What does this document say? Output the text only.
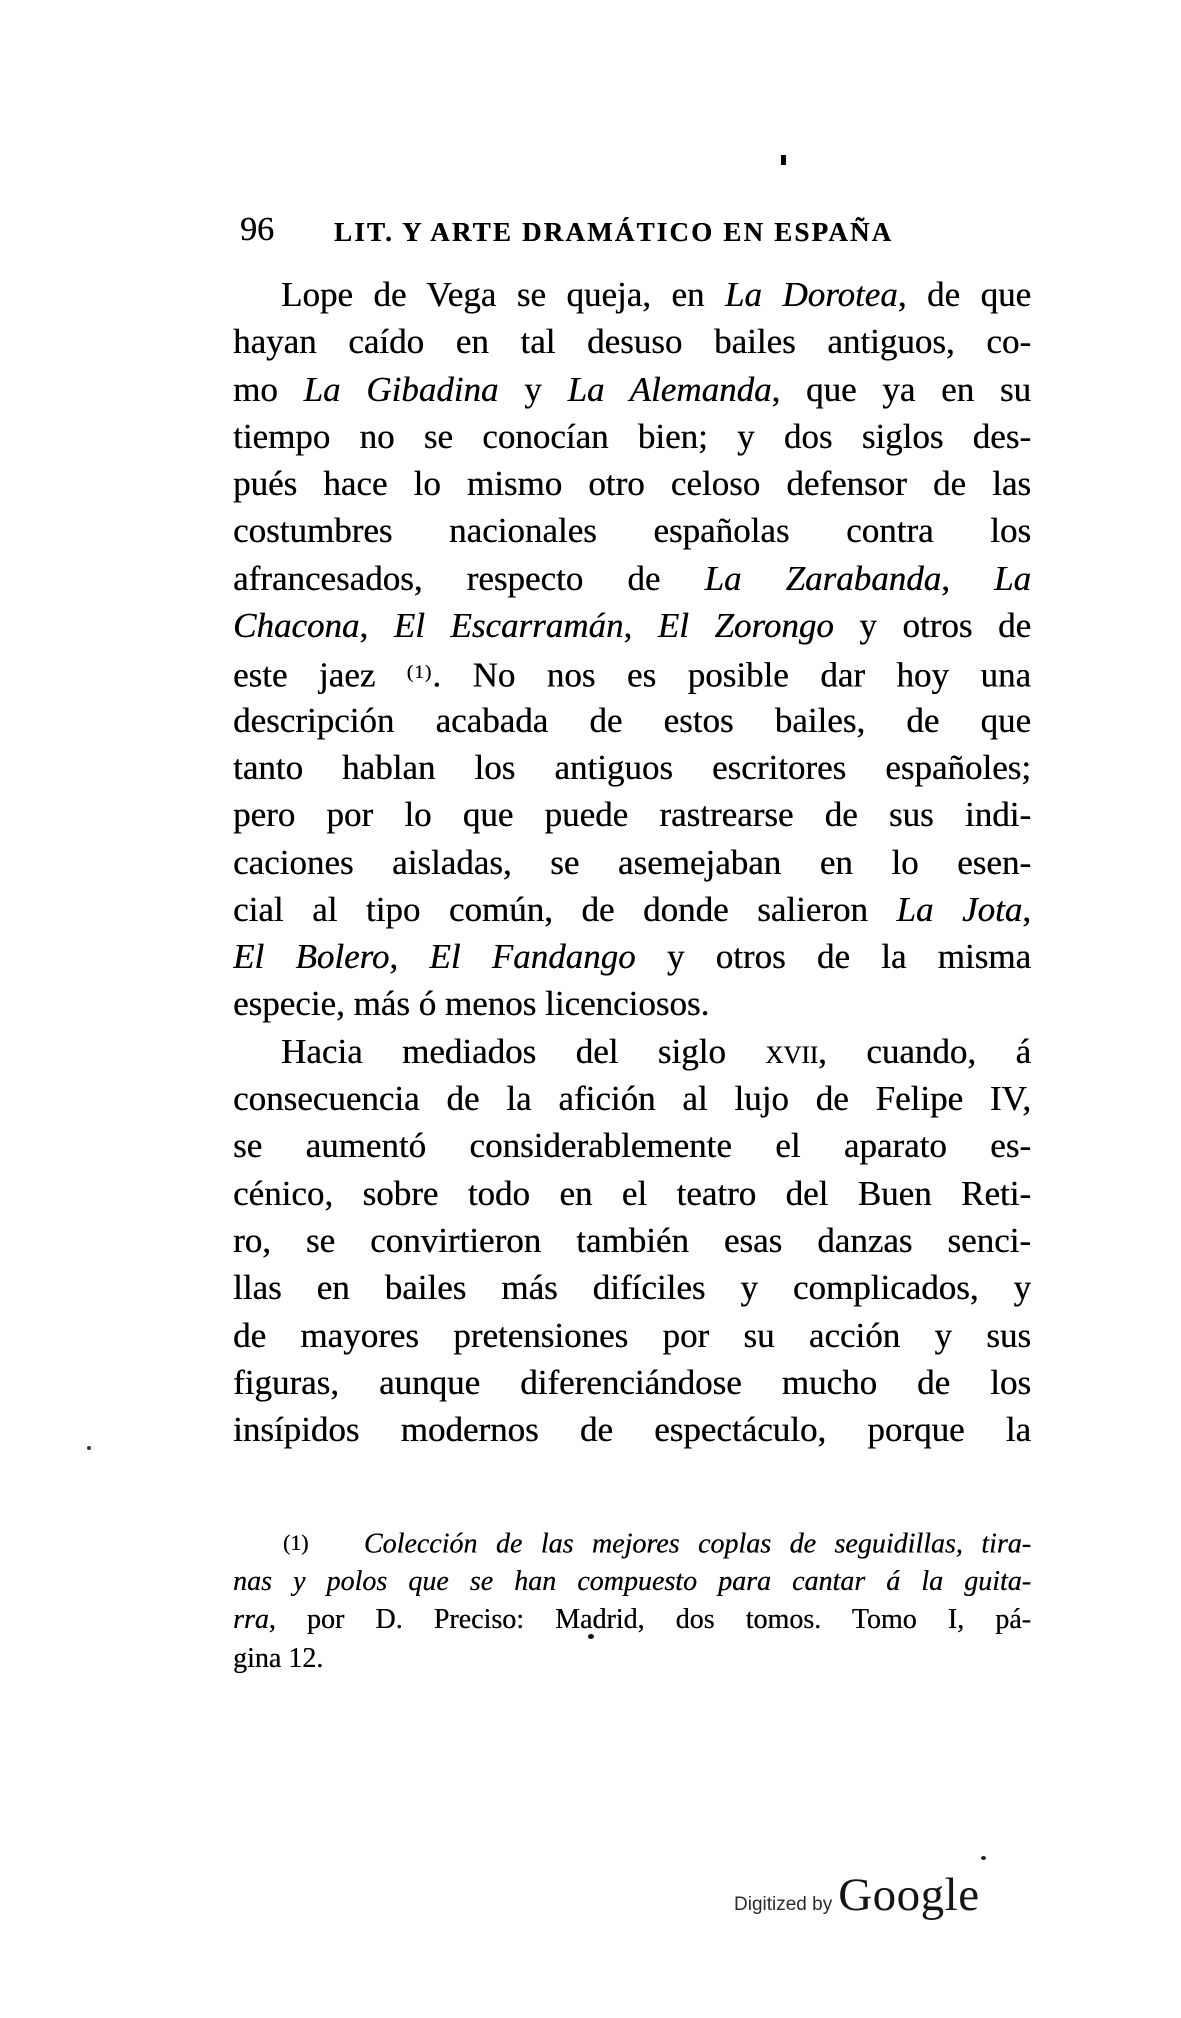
96 LIT. Y ARTE DRAMÁTICO EN ESPAÑA
Lope de Vega se queja, en La Dorotea, de que
hayan caído en tal desuso bailes antiguos, co-
mo La Gibadina y La Alemanda, que ya en su
tiempo no se conocían bien; y dos siglos des-
pués hace lo mismo otro celoso defensor de las
costumbres nacionales españolas contra los
afrancesados, respecto de La Zarabanda, La
Chacona, El Escarramán, El Zorongo y otros de
este jaez $^{(1)}$. No nos es posible dar hoy una
descripción acabada de estos bailes, de que
tanto hablan los antiguos escritores españoles;
pero por lo que puede rastrearse de sus indi-
caciones aisladas, se asemejaban en lo esen-
cial al tipo común, de donde salieron La Jota,
El Bolero, El Fandango y otros de la misma
especie, más ó menos licenciosos.
Hacia mediados del siglo xvii, cuando, á
consecuencia de la afición al lujo de Felipe IV,
se aumentó considerablemente el aparato es-
cénico, sobre todo en el teatro del Buen Reti-
ro, se convirtieron también esas danzas senci-
llas en bailes más difíciles y complicados, y
de mayores pretensiones por su acción y sus
figuras, aunque diferenciándose mucho de los
insípidos modernos de espectáculo, porque la
(1) Colección de las mejores coplas de seguidillas, tira-
nas y polos que se han compuesto para cantar á la guita-
rra, por D. Preciso: Madrid, dos tomos. Tomo I, pá-
gina 12.
Digitized by Google
